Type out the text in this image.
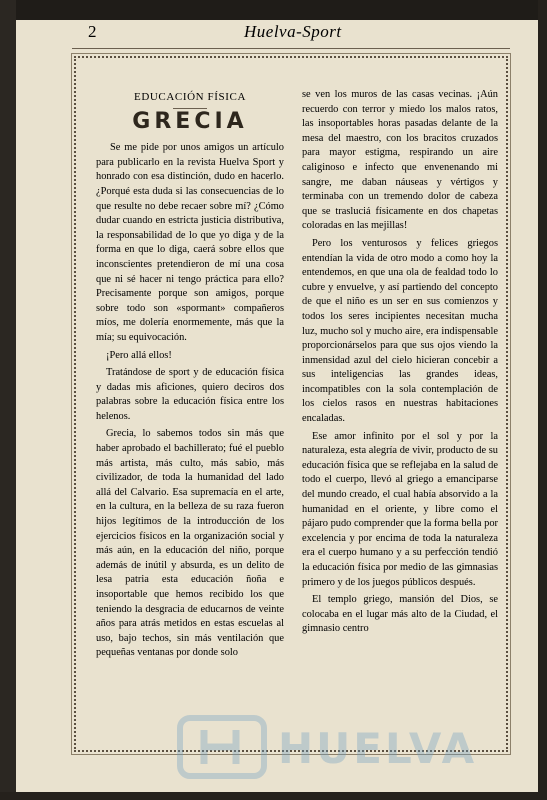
2	Huelva-Sport
EDUCACIÓN FÍSICA
GRECIA

Se me pide por unos amigos un artículo para publicarlo en la revista Huelva Sport y honrado con esa distinción, dudo en hacerlo. ¿Porqué esta duda si las consecuencias de lo que resulte no debe recaer sobre mí? ¿Cómo dudar cuando en estricta justicia distributiva, la responsabilidad de lo que yo diga y de la forma en que lo diga, caerá sobre ellos que inconscientes pretendieron de mí una cosa que ni sé hacer ni tengo práctica para ello? Precisamente porque son amigos, porque sobre todo son «spormant» compañeros míos, me dolería enormemente, más que la mía; su equivocación.

¡Pero allá ellos!

Tratándose de sport y de educación física y dadas mis aficiones, quiero deciros dos palabras sobre la educación física entre los helenos.

Grecia, lo sabemos todos sin más que haber aprobado el bachillerato; fué el pueblo más artista, más culto, más sabio, más civilizador, de toda la humanidad del lado allá del Calvario. Esa supremacía en el arte, en la cultura, en la belleza de su raza fueron hijos legítimos de la introducción de los ejercicios físicos en la organización social y más aún, en la educación del niño, porque además de inútil y absurda, es un delito de lesa patria esta educación ñoña e insoportable que hemos recibido los que teniendo la desgracia de educarnos de veinte años para atrás metidos en estas escuelas al uso, bajo techos, sin más ventilación que pequeñas ventanas por donde solo

se ven los muros de las casas vecinas. ¡Aún recuerdo con terror y miedo los malos ratos, las insoportables horas pasadas delante de la mesa del maestro, con los bracitos cruzados para mayor estigma, respirando un aire caliginoso e infecto que envenenando mi sangre, me daban náuseas y vértigos y terminaba con un tremendo dolor de cabeza que se trasluciá físicamente en dos chapetas coloradas en las mejillas!

Pero los venturosos y felices griegos entendían la vida de otro modo a como hoy la entendemos, en que una ola de fealdad todo lo cubre y envuelve, y así partiendo del concepto de que el niño es un ser en sus comienzos y todos los seres incipientes necesitan mucha luz, mucho sol y mucho aire, era indispensable proporcionárselos para que sus ojos viendo la inmensidad azul del cielo hicieran concebir a sus inteligencias las grandes ideas, incompatibles con la sola contemplación de los cielos rasos en nuestras habitaciones encaladas.

Ese amor infinito por el sol y por la naturaleza, esta alegría de vivir, producto de su educación física que se reflejaba en la salud de todo el cuerpo, llevó al griego a emanciparse del mundo creado, el cual había absorvido a la humanidad en el oriente, y libre como el pájaro pudo comprender que la forma bella por excelencia y por encima de toda la naturaleza era el cuerpo humano y a su perfección tendió la educación física por medio de las gimnasias primero y de los juegos públicos después.

El templo griego, mansión del Dios, se colocaba en el lugar más alto de la Ciudad, el gimnasio centro

HUELVA
